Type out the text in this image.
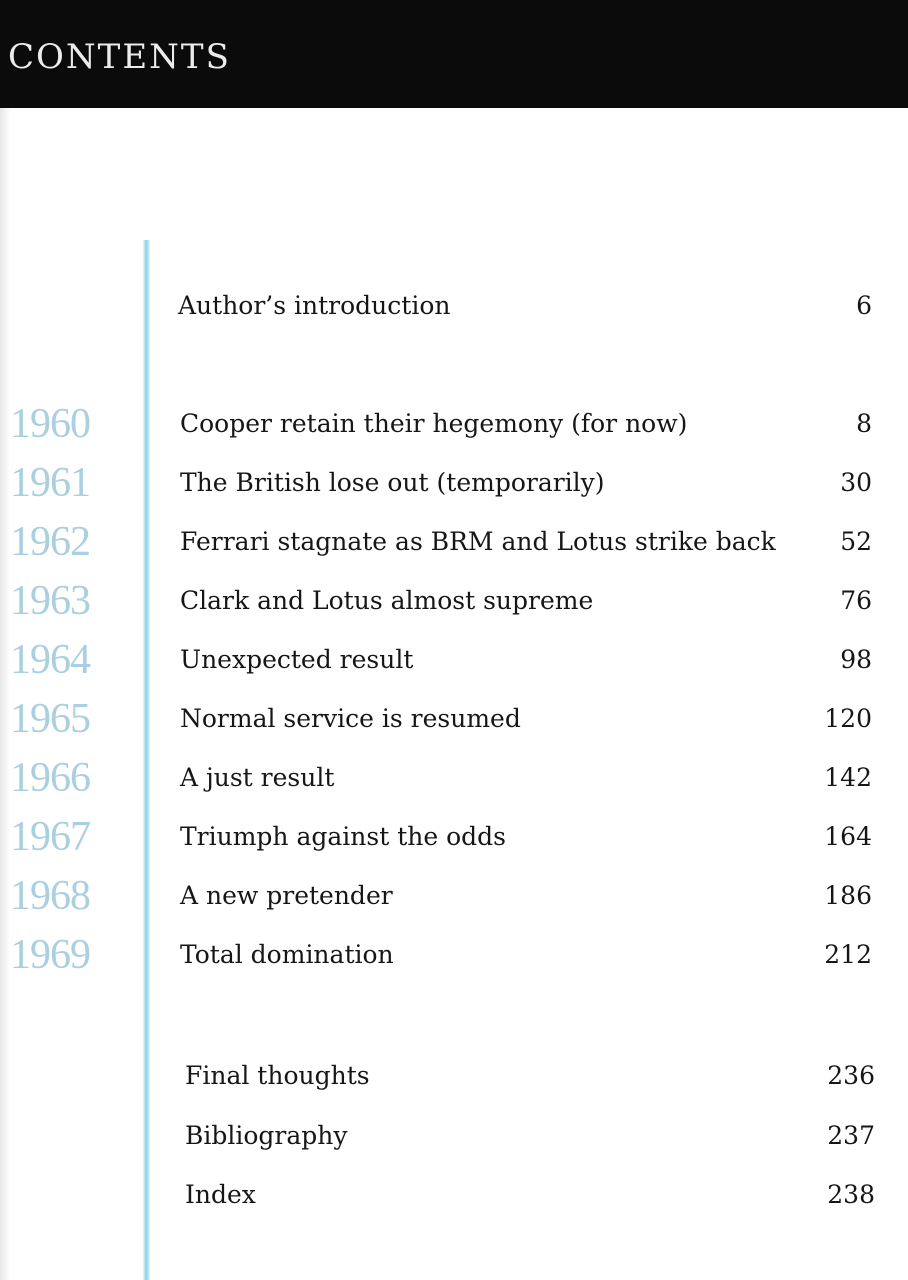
CONTENTS
Author’s introduction	6
1960	Cooper retain their hegemony (for now)	8
1961	The British lose out (temporarily)	30
1962	Ferrari stagnate as BRM and Lotus strike back	52
1963	Clark and Lotus almost supreme	76
1964	Unexpected result	98
1965	Normal service is resumed	120
1966	A just result	142
1967	Triumph against the odds	164
1968	A new pretender	186
1969	Total domination	212
Final thoughts	236
Bibliography	237
Index	238
